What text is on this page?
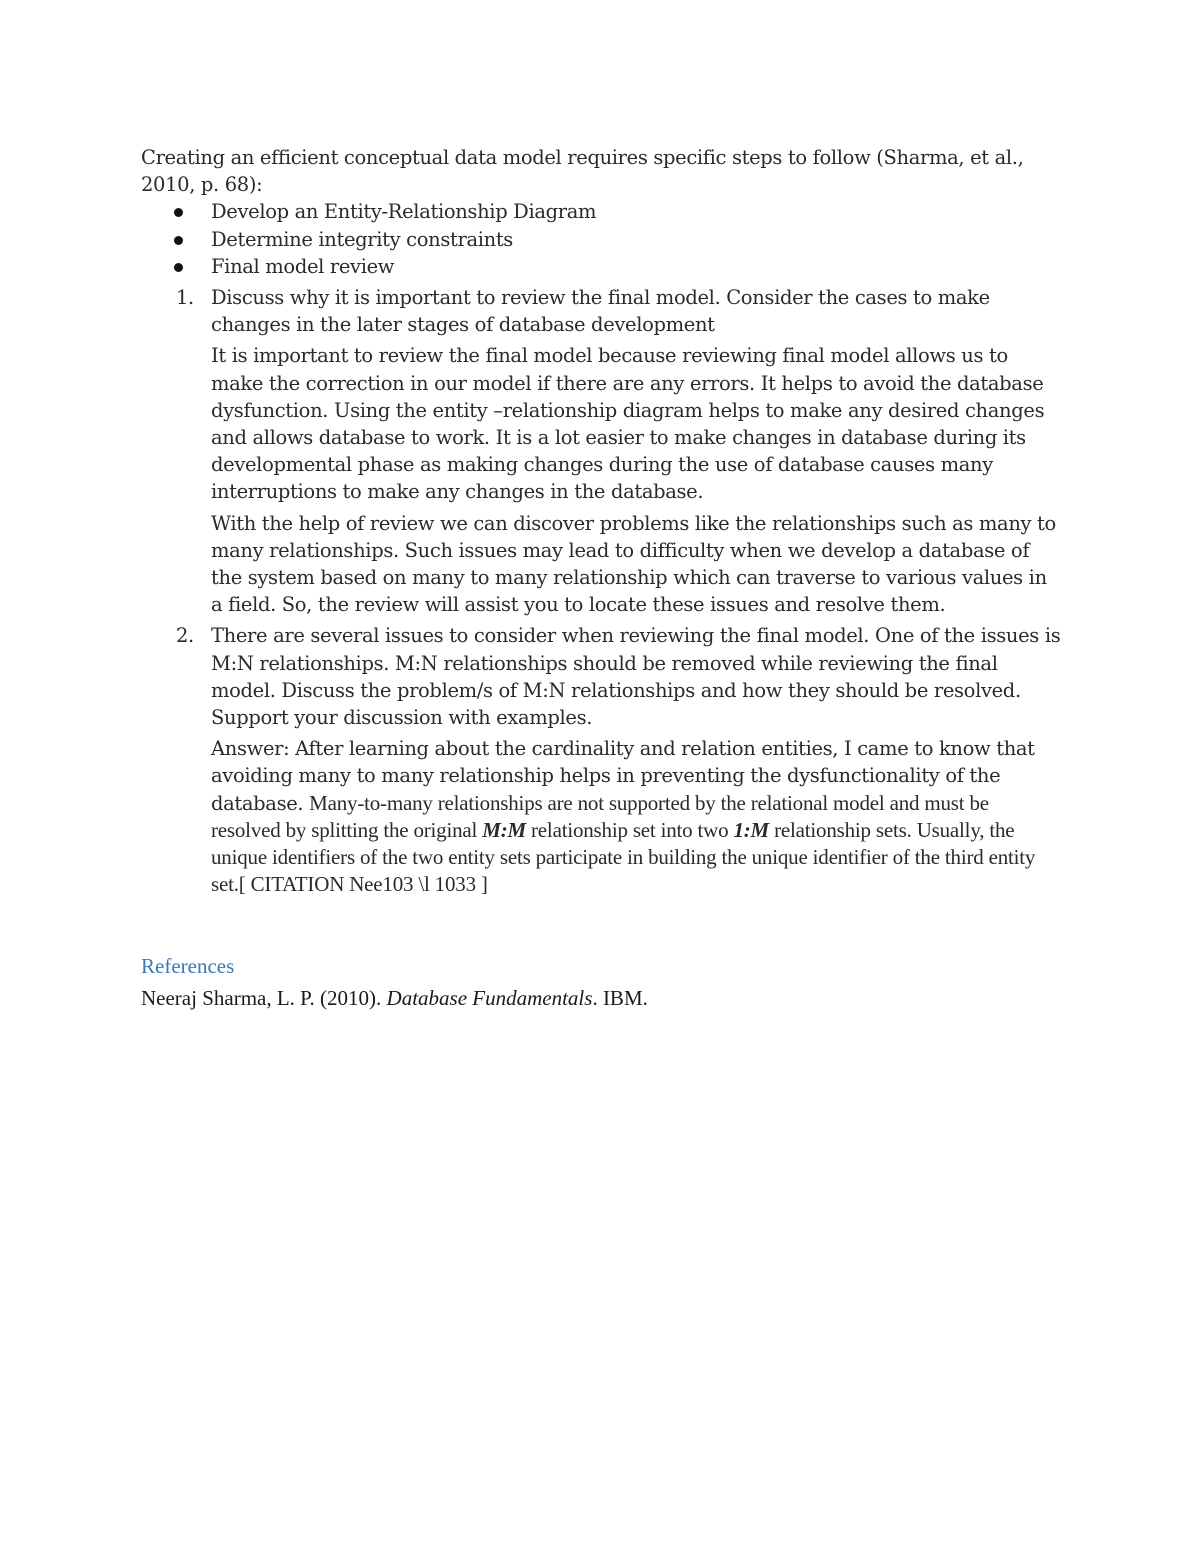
Creating an efficient conceptual data model requires specific steps to follow (Sharma, et al., 2010, p. 68):

Develop an Entity-Relationship Diagram
Determine integrity constraints
Final model review
1. Discuss why it is important to review the final model. Consider the cases to make changes in the later stages of database development

It is important to review the final model because reviewing final model allows us to make the correction in our model if there are any errors. It helps to avoid the database dysfunction. Using the entity –relationship diagram helps to make any desired changes and allows database to work. It is a lot easier to make changes in database during its developmental phase as making changes during the use of database causes many interruptions to make any changes in the database.

With the help of review we can discover problems like the relationships such as many to many relationships. Such issues may lead to difficulty when we develop a database of the system based on many to many relationship which can traverse to various values in a field. So, the review will assist you to locate these issues and resolve them.

2. There are several issues to consider when reviewing the final model. One of the issues is M:N relationships. M:N relationships should be removed while reviewing the final model. Discuss the problem/s of M:N relationships and how they should be resolved. Support your discussion with examples.

Answer: After learning about the cardinality and relation entities, I came to know that avoiding many to many relationship helps in preventing the dysfunctionality of the database. Many-to-many relationships are not supported by the relational model and must be resolved by splitting the original M:M relationship set into two 1:M relationship sets. Usually, the unique identifiers of the two entity sets participate in building the unique identifier of the third entity set.[ CITATION Nee103 \l 1033 ]

References

Neeraj Sharma, L. P. (2010). Database Fundamentals. IBM.
